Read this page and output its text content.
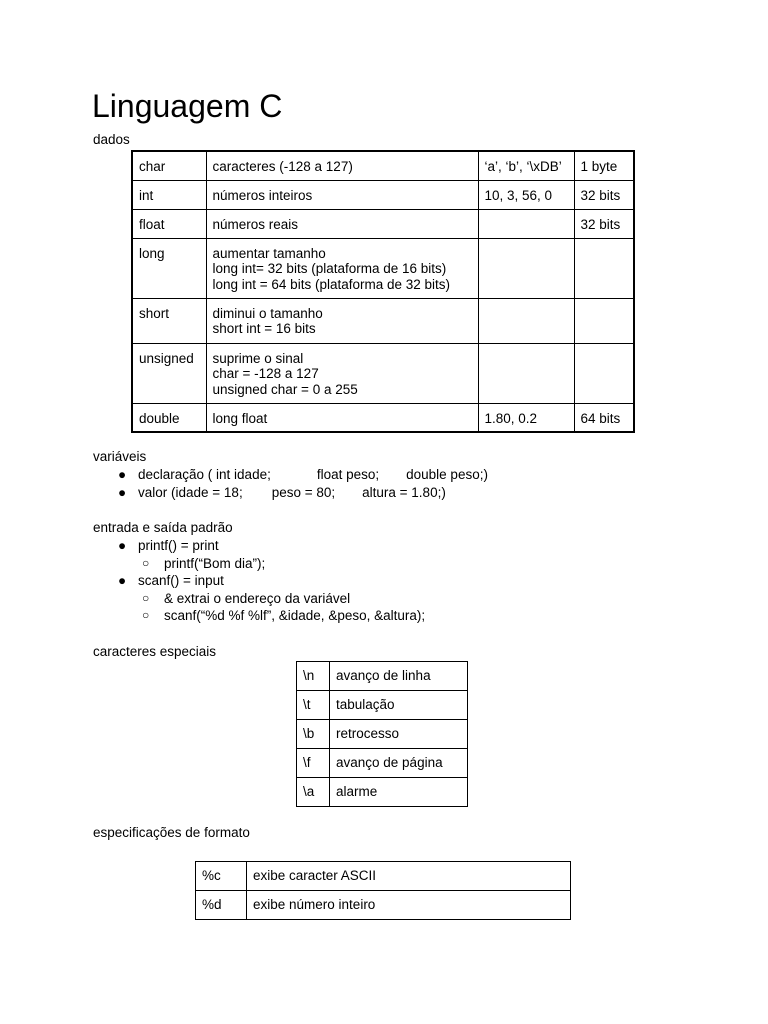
Linguagem C
dados
char	caracteres (-128 a 127)	‘a’, ‘b’, ‘\xDB’	1 byte
int	números inteiros	10, 3, 56, 0	32 bits
float	números reais		32 bits
long	aumentar tamanho
long int= 32 bits (plataforma de 16 bits)
long int = 64 bits (plataforma de 32 bits)		

short	diminui o tamanho
short int = 16 bits		

unsigned	suprime o sinal
char = -128 a 127
unsigned char = 0 a 255		

double	long float	1.80, 0.2	64 bits
variáveis
● declaração ( int idade;	float peso; double peso;)
● valor (idade = 18; peso = 80; altura = 1.80;)
entrada e saída padrão
● printf() = print
○ printf(“Bom dia”);
● scanf() = input
○ & extrai o endereço da variável
○ scanf(“%d %f %lf”, &idade, &peso, &altura);
caracteres especiais
\n	avanço de linha
\t	tabulação
\b	retrocesso
\f	avanço de página
\a	alarme
especificações de formato
%c	exibe caracter ASCII
%d	exibe número inteiro
